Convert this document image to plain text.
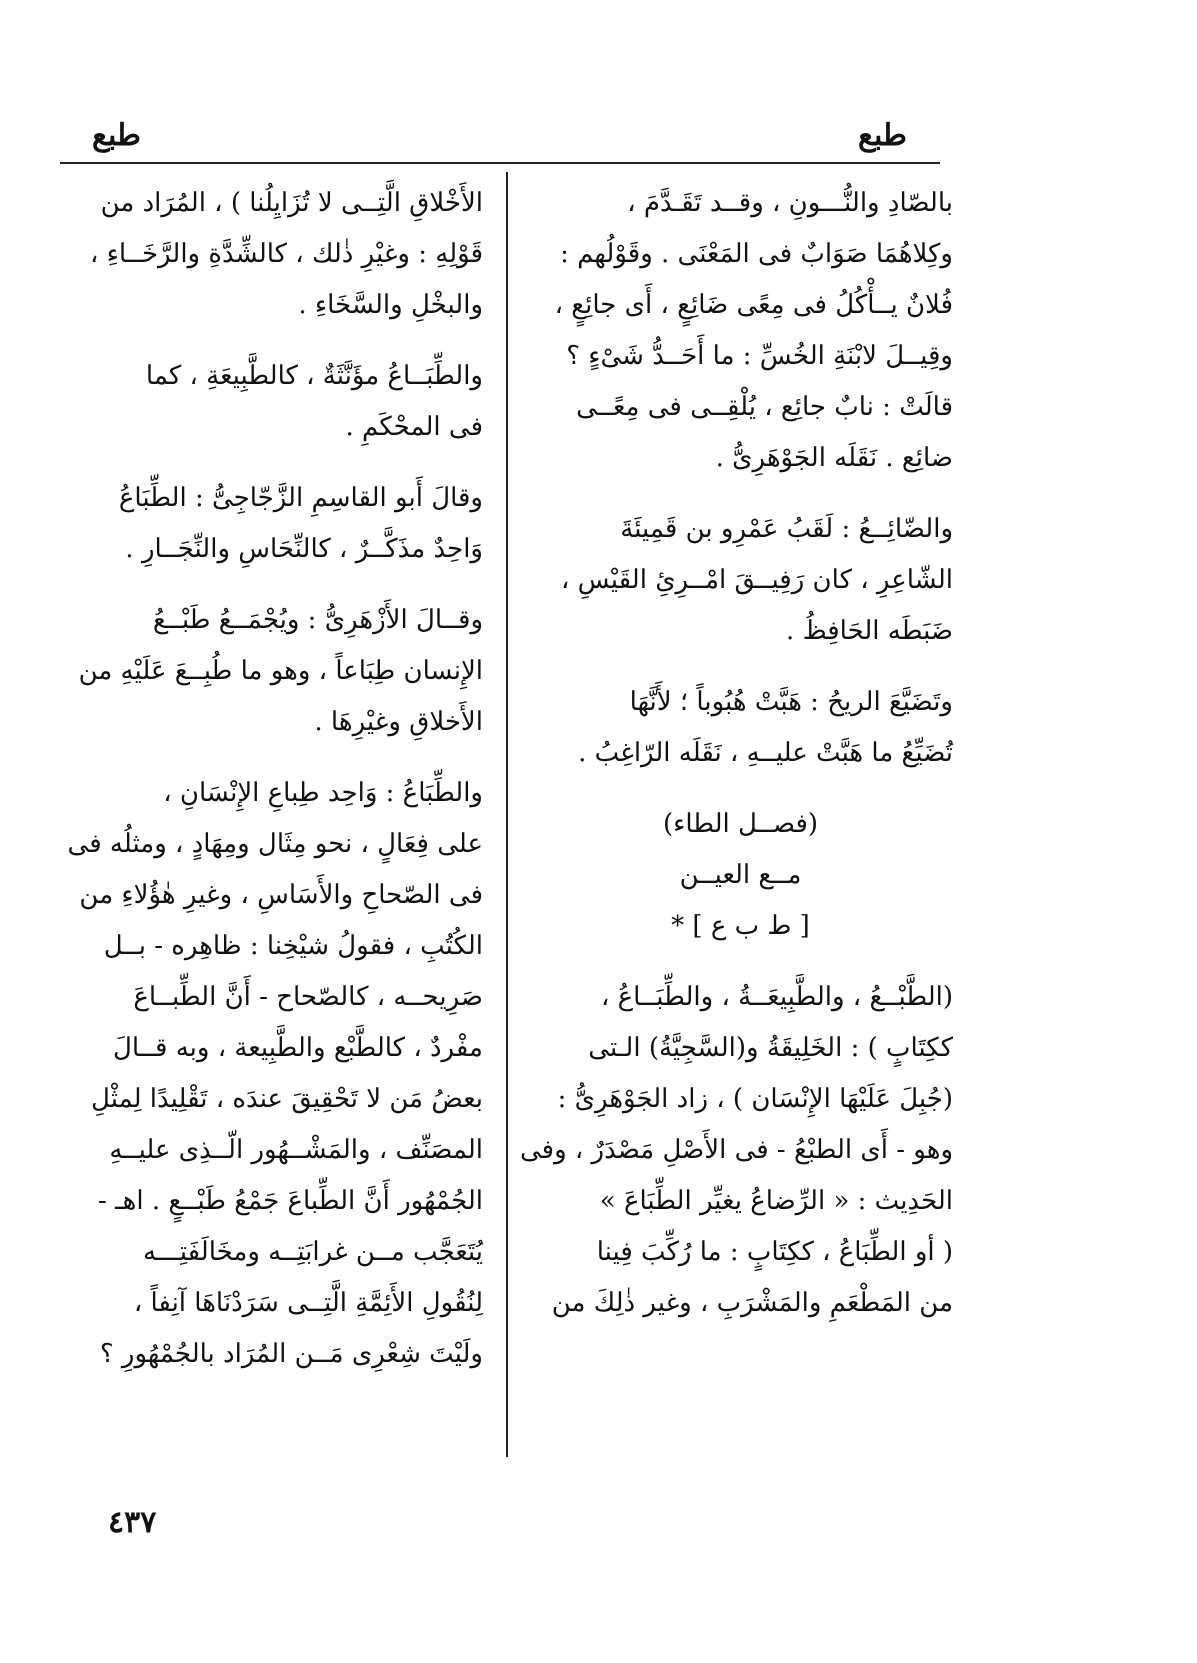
طبع
طبع
بالصّادِ والنُّـــونِ ، وقــد تَقَـدَّمَ ،
وكِلاهُمَا صَوَابٌ فى المَعْنَى . وقَوْلُهم :
فُلانٌ يــأْكُلُ فى مِعًى ضَائِعٍ ، أَى جائِعٍ ،
وقِيــلَ لابْنَةِ الخُسِّ : ما أَحَــدُّ شَىْءٍ ؟
قالَتْ : نابٌ جائِع ، يُلْقِــى فى مِعًــى
ضائِع . نَقَلَه الجَوْهَرِىُّ .
والضّائِــعُ : لَقَبُ عَمْرِو بن قَمِيئَةَ
الشّاعِرِ ، كان رَفِيــقَ امْــرِئِ القَيْسِ ،
ضَبَطَه الحَافِظُ .
وتَضَيَّعَ الريحُ : هَبَّتْ هُبُوباً ؛ لأَنَّهَا
تُضَيِّعُ ما هَبَّتْ عليــهِ ، نَقَلَه الرّاغِبُ .
(فصــل الطاء)
مــع العيــن
[ ط ب ع ] *
(الطَّبْــعُ ، والطَّبِيعَــةُ ، والطِّبَــاعُ ،
ككِتَابٍ ) : الخَلِيقَةُ و(السَّجِيَّةُ) الـتى
(جُبِلَ عَلَيْهَا الإِنْسَان ) ، زاد الجَوْهَرِىُّ :
وهو - أَى الطبْعُ - فى الأَصْلِ مَصْدَرٌ ، وفى
الحَدِيث : « الرِّضاعُ يغيِّر الطِّبَاعَ »
( أو الطِّبَاعُ ، ككِتَابٍ : ما رُكِّبَ فِينا
من المَطْعَمِ والمَشْرَبِ ، وغير ذٰلِكَ من
الأَخْلاقِ الَّتِــى لا تُزَايِلُنا ) ، المُرَاد من
قَوْلِهِ : وغيْرِ ذٰلك ، كالشِّدَّةِ والرَّخَــاءِ ،
والبخْلِ والسَّخَاءِ .
والطِّبَــاعُ مؤَنَّثَةٌ ، كالطَّبِيعَةِ ، كما
فى المحْكَمِ .
وقالَ أَبو القاسِمِ الزَّجّاجِىُّ : الطِّبَاعُ
وَاحِدٌ مذَكَّــرٌ ، كالنِّحَاسِ والنِّجَــارِ .
وقــالَ الأَزْهَرِىُّ : ويُجْمَــعُ طَبْــعُ
الإِنسان طِبَاعاً ، وهو ما طُبِــعَ عَلَيْهِ من
الأَخلاقِ وغيْرِهَا .
والطِّبَاعُ : وَاحِد طِباعِ الإِنْسَانِ ،
على فِعَالٍ ، نحو مِثَال ومِهَادٍ ، ومثلُه فى
فى الصّحاحِ والأَسَاسِ ، وغيرِ هٰؤُلاءِ من
الكُتُبِ ، فقولُ شيْخِنا : ظاهِره - بــل
صَرِيحــه ، كالصّحاح - أَنَّ الطِّبــاعَ
مفْردٌ ، كالطَّبْع والطَّبِيعة ، وبه قــالَ
بعضُ مَن لا تَحْقِيقَ عندَه ، تَقْلِيدًا لِمثْلِ
المصَنِّف ، والمَشْــهُور الّــذِى عليــهِ
الجُمْهُور أَنَّ الطِّباعَ جَمْعُ طَبْــعٍ . اهـ -
يُتَعَجَّب مــن غرابَتِــه ومخَالَفَتِـــه
لِنُقُولِ الأَئِمَّةِ الَّتِــى سَرَدْنَاهَا آنِفاً ،
ولَيْتَ شِعْرِى مَــن المُرَاد بالجُمْهُورِ ؟
٤٣٧
